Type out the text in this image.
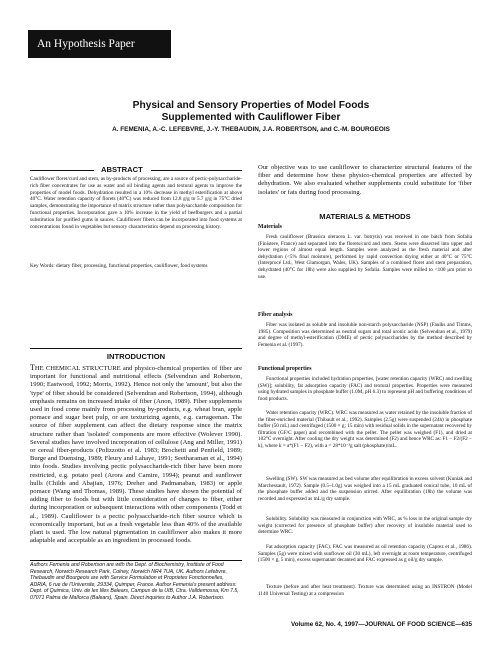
An Hypothesis Paper
Physical and Sensory Properties of Model Foods
Supplemented with Cauliflower Fiber
A. FEMENIA, A.-C. LEFEBVRE, J.-Y. THEBAUDIN, J.A. ROBERTSON, and C.-M. BOURGEOIS
ABSTRACT
Cauliflower floret/curd and stem, as by-products of processing, are a source of pectic-polysaccharide-rich fiber concentrates for use as water and oil binding agents and textural agents to improve the properties of model foods. Dehydration resulted in a 10% decrease in methyl esterification at above 40°C. Water retention capacity of florets (40°C) was reduced from 12.8 g/g to 5.7 g/g in 75°C dried samples, demonstrating the importance of matrix structure rather than polysaccharide composition for functional properties. Incorporation gave a 10% increase in the yield of beefburgers and a partial substitution for purified gums in sauces. Cauliflower fibers can be incorporated into food systems at concentrations found in vegetables but sensory characteristics depend on processing history.
Key Words: dietary fiber, processing, functional properties, cauliflower, food systems
INTRODUCTION
THE CHEMICAL STRUCTURE and physico-chemical properties of fiber are important for functional and nutritional effects (Selvendran and Robertson, 1990; Eastwood, 1992; Morris, 1992). Hence not only the 'amount', but also the 'type' of fiber should be considered (Selvendran and Robertson, 1994), although emphasis remains on increased intake of fiber (Anon, 1989). Fiber supplements used in food come mainly from processing by-products, e.g. wheat bran, apple pomace and sugar beet pulp, or are texturizing agents, e.g. carrageenan. The source of fiber supplement can affect the dietary response since the matrix structure rather than 'isolated' components are more effective (Wolever 1990). Several studies have involved incorporation of cellulose (Ang and Miller, 1991) or cereal fiber-products (Polizzotto et al. 1983; Brochetti and Penfield, 1989; Burge and Duensing, 1989; Fleury and Lahaye, 1991; Seetharaman et al., 1994) into foods. Studies involving pectic polysaccharide-rich fiber have been more restricted, e.g. potato peel (Arora and Camire, 1994); peanut and sunflower hulls (Childs and Abajian, 1976; Dreher and Padmanaban, 1983) or apple pomace (Wang and Thomas, 1989). These studies have shown the potential of adding fiber to foods but with little consideration of changes to fiber, either during incorporation or subsequent interactions with other components (Todd et al., 1989). Cauliflower is a pectic polysaccharide-rich fiber source which is economically important, but as a fresh vegetable less than 40% of the available plant is used. The low natural pigmentation in cauliflower also makes it more adaptable and acceptable as an ingredient in processed foods.
Authors Femenia and Robertson are with the Dept. of Biochemistry, Institute of Food Research, Norwich Research Park, Colney, Norwich NR4 7UA, UK. Authors Lefebvre, Thebaudin and Bourgeois are with Service Formulation et Proprietes Fonctionnelles, ADRIA, 6 rue de l'Universite, 29334, Quimper, France. Author Femenia's present address: Dept. of Quimica, Univ. de les Illes Balears, Campus de la UIB, Ctra. Valldemossa, Km 7.5, 07071 Palma de Mallorca (Balears), Spain. Direct inquiries to Author J.A. Robertson.
Our objective was to use cauliflower to characterize structural features of the fiber and determine how these physico-chemical properties are affected by dehydration. We also evaluated whether supplements could substitute for 'fiber isolates' or fats during food processing.
MATERIALS & METHODS
Materials
Fresh cauliflower (Brassica oleracea L. var. botrytis) was received in one batch from Sofalia (Finistere, France) and separated into the florets/curd and stem. Stems were dissected into upper and lower regions of almost equal length. Samples were analyzed as the fresh material and after dehydration (<5% final moisture), performed by rapid convection drying either at 40°C or 75°C (Interprocé Ltd., West Glamorgan, Wales, UK). Samples of a combined floret and stem preparation, dehydrated (40°C for 18h) were also supplied by Sofalia. Samples were milled to <100 µm prior to use.
Fiber analysis
Fiber was isolated as soluble and insoluble non-starch polysaccharide (NSP) (Faulks and Timms, 1985). Composition was determined as neutral sugars and total uronic acids (Selvendran et al., 1979) and degree of methyl-esterification (DME) of pectic polysaccharides by the method described by Femenia et al. (1997).
Functional properties
Functional properties included hydration properties, [water retention capacity (WRC) and swelling (SW)]; solubility, fat adsorption capacity (FAC) and textural properties. Properties were measured using hydrated samples in phosphate buffer (1.0M, pH 6.3) to represent pH and buffering conditions of food products.
Water retention capacity (WRC). WRC was measured as water retained by the insoluble fraction of the fiber-enriched material (Thibault et al., 1992). Samples (2.5g) were suspended (24h) in phosphate buffer (50 mL) and centrifuged (1500 × g; 15 min) with residual solids in the supernatant recovered by filtration (GF/C paper) and recombined with the pellet. The pellet was weighed (F1), and dried at 102°C overnight. After cooling the dry weight was determined (F2) and hence WRC as: F1 − F2/(F2 − k), where k = a*(F1 − F2), with a = 28*10⁻³g salt (phosphate)/mL.
Swelling (SW). SW was measured as bed volume after equilibration in excess solvent (Kuniak and Marchessault, 1972). Sample (0.5–1.0g) was weighed into a 15 mL graduated conical tube, 10 mL of the phosphate buffer added and the suspension stirred. After equilibration (18h) the volume was recorded and expressed as mL/g dry sample.
Solubility. Solubility was measured in conjunction with WRC, as % loss in the original sample dry weight (corrected for presence of phosphate buffer) after recovery of insoluble material used to determine WRC.
Fat adsorption capacity (FAC). FAC was measured as oil retention capacity (Caprez et al., 1986). Samples (5g) were mixed with sunflower oil (30 mL), left overnight at room temperature, centrifuged (1500 × g, 5 min), excess supernatant decanted and FAC expressed as g oil/g dry sample.
Texture (before and after heat treatment). Texture was determined using an INSTRON (Model 1140 Universal Testing) at a compression
Volume 62, No. 4, 1997—JOURNAL OF FOOD SCIENCE—635
